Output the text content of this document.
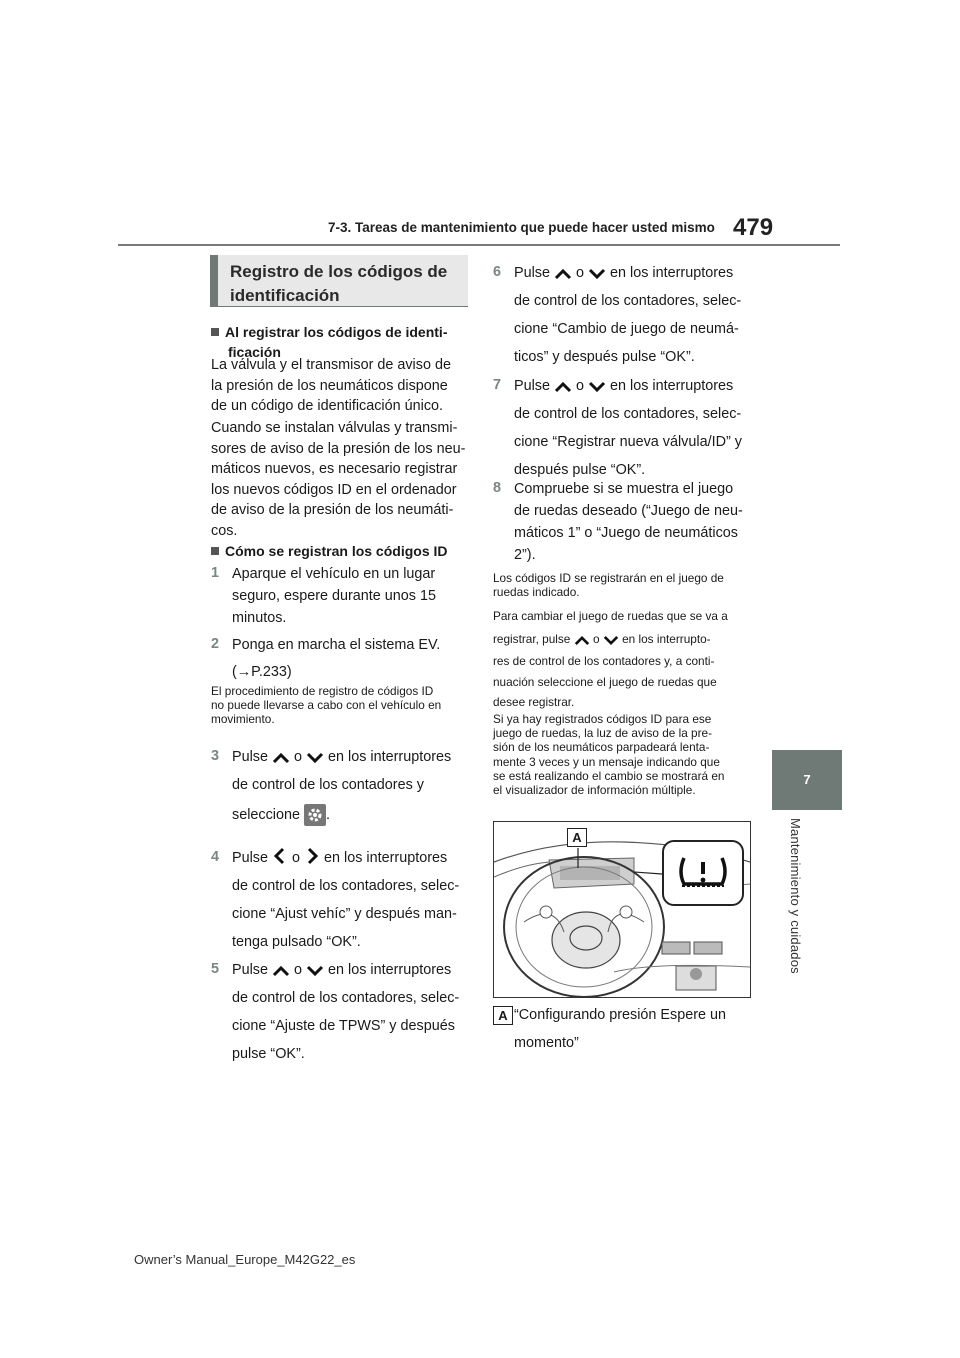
7-3. Tareas de mantenimiento que puede hacer usted mismo 479
7
Mantenimiento y cuidados
Registro de los códigos de
identificación
Al registrar los códigos de identi-
ficación
La válvula y el transmisor de aviso de
la presión de los neumáticos dispone
de un código de identificación único.
Cuando se instalan válvulas y transmi-
sores de aviso de la presión de los neu-
máticos nuevos, es necesario registrar
los nuevos códigos ID en el ordenador
de aviso de la presión de los neumáti-
cos.
Cómo se registran los códigos ID
1 Aparque el vehículo en un lugar
seguro, espere durante unos 15
minutos.
2 Ponga en marcha el sistema EV.
(→P.233)
El procedimiento de registro de códigos ID
no puede llevarse a cabo con el vehículo en
movimiento.
3 Pulse o en los interruptores
de control de los contadores y
seleccione .
4 Pulse o en los interruptores
de control de los contadores, selec-
cione “Ajust vehíc” y después man-
tenga pulsado “OK”.
5 Pulse o en los interruptores
de control de los contadores, selec-
cione “Ajuste de TPWS” y después
pulse “OK”.
6 Pulse o en los interruptores
de control de los contadores, selec-
cione “Cambio de juego de neumá-
ticos” y después pulse “OK”.
7 Pulse o en los interruptores
de control de los contadores, selec-
cione “Registrar nueva válvula/ID” y
después pulse “OK”.
8 Compruebe si se muestra el juego
de ruedas deseado (“Juego de neu-
máticos 1” o “Juego de neumáticos
2”).
Los códigos ID se registrarán en el juego de
ruedas indicado.
Para cambiar el juego de ruedas que se va a
registrar, pulse o en los interrupto-
res de control de los contadores y, a conti-
nuación seleccione el juego de ruedas que
desee registrar.
Si ya hay registrados códigos ID para ese
juego de ruedas, la luz de aviso de la pre-
sión de los neumáticos parpadeará lenta-
mente 3 veces y un mensaje indicando que
se está realizando el cambio se mostrará en
el visualizador de información múltiple.
A
A “Configurando presión Espere un
momento”
Owner’s Manual_Europe_M42G22_es
